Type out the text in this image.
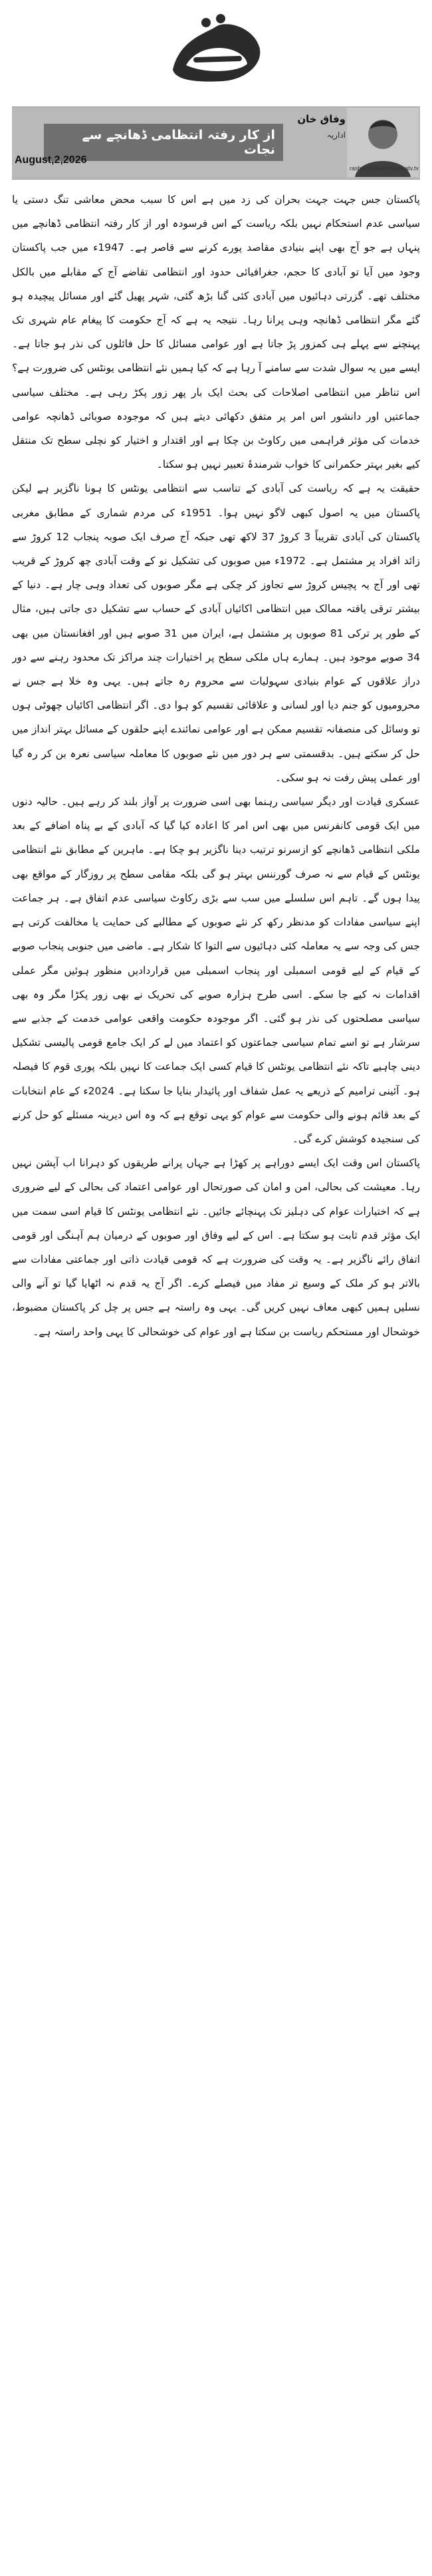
از کار رفتہ انتظامی ڈھانچے سے نجات
August,2,2026
وفاق خان
اداریہ
rasheed.khan@dunyatv.tv

پاکستان جس جہت جہت بحران کی زد میں ہے اس کا سبب محض معاشی تنگ دستی یا سیاسی عدم استحکام نہیں بلکہ ریاست کے اس فرسودہ اور از کار رفتہ انتظامی ڈھانچے میں پنہاں ہے جو آج بھی اپنے بنیادی مقاصد پورے کرنے سے قاصر ہے۔ 1947ء میں جب پاکستان وجود میں آیا تو آبادی کا حجم، جغرافیائی حدود اور انتظامی تقاضے آج کے مقابلے میں بالکل مختلف تھے۔ گزرتی دہائیوں میں آبادی کئی گنا بڑھ گئی، شہر پھیل گئے اور مسائل پیچیدہ ہو گئے مگر انتظامی ڈھانچہ وہی پرانا رہا۔ نتیجہ یہ ہے کہ آج حکومت کا پیغام عام شہری تک پہنچنے سے پہلے ہی کمزور پڑ جاتا ہے اور عوامی مسائل کا حل فائلوں کی نذر ہو جاتا ہے۔ ایسے میں یہ سوال شدت سے سامنے آ رہا ہے کہ کیا ہمیں نئے انتظامی یونٹس کی ضرورت ہے؟ اس تناظر میں انتظامی اصلاحات کی بحث ایک بار پھر زور پکڑ رہی ہے۔ مختلف سیاسی جماعتیں اور دانشور اس امر پر متفق دکھائی دیتے ہیں کہ موجودہ صوبائی ڈھانچہ عوامی خدمات کی مؤثر فراہمی میں رکاوٹ بن چکا ہے اور اقتدار و اختیار کو نچلی سطح تک منتقل کیے بغیر بہتر حکمرانی کا خواب شرمندۂ تعبیر نہیں ہو سکتا۔

حقیقت یہ ہے کہ ریاست کی آبادی کے تناسب سے انتظامی یونٹس کا ہونا ناگزیر ہے لیکن پاکستان میں یہ اصول کبھی لاگو نہیں ہوا۔ 1951ء کی مردم شماری کے مطابق مغربی پاکستان کی آبادی تقریباً 3 کروڑ 37 لاکھ تھی جبکہ آج صرف ایک صوبہ پنجاب 12 کروڑ سے زائد افراد پر مشتمل ہے۔ 1972ء میں صوبوں کی تشکیل نو کے وقت آبادی چھ کروڑ کے قریب تھی اور آج یہ پچیس کروڑ سے تجاوز کر چکی ہے مگر صوبوں کی تعداد وہی چار ہے۔ دنیا کے بیشتر ترقی یافتہ ممالک میں انتظامی اکائیاں آبادی کے حساب سے تشکیل دی جاتی ہیں، مثال کے طور پر ترکی 81 صوبوں پر مشتمل ہے، ایران میں 31 صوبے ہیں اور افغانستان میں بھی 34 صوبے موجود ہیں۔ ہمارے ہاں ملکی سطح پر اختیارات چند مراکز تک محدود رہنے سے دور دراز علاقوں کے عوام بنیادی سہولیات سے محروم رہ جاتے ہیں۔ یہی وہ خلا ہے جس نے محرومیوں کو جنم دیا اور لسانی و علاقائی تقسیم کو ہوا دی۔ اگر انتظامی اکائیاں چھوٹی ہوں تو وسائل کی منصفانہ تقسیم ممکن ہے اور عوامی نمائندے اپنے حلقوں کے مسائل بہتر انداز میں حل کر سکتے ہیں۔ بدقسمتی سے ہر دور میں نئے صوبوں کا معاملہ سیاسی نعرہ بن کر رہ گیا اور عملی پیش رفت نہ ہو سکی۔

عسکری قیادت اور دیگر سیاسی رہنما بھی اسی ضرورت پر آواز بلند کر رہے ہیں۔ حالیہ دنوں میں ایک قومی کانفرنس میں بھی اس امر کا اعادہ کیا گیا کہ آبادی کے بے پناہ اضافے کے بعد ملکی انتظامی ڈھانچے کو ازسرنو ترتیب دینا ناگزیر ہو چکا ہے۔ ماہرین کے مطابق نئے انتظامی یونٹس کے قیام سے نہ صرف گورننس بہتر ہو گی بلکہ مقامی سطح پر روزگار کے مواقع بھی پیدا ہوں گے۔ تاہم اس سلسلے میں سب سے بڑی رکاوٹ سیاسی عدم اتفاق ہے۔ ہر جماعت اپنے سیاسی مفادات کو مدنظر رکھ کر نئے صوبوں کے مطالبے کی حمایت یا مخالفت کرتی ہے جس کی وجہ سے یہ معاملہ کئی دہائیوں سے التوا کا شکار ہے۔ ماضی میں جنوبی پنجاب صوبے کے قیام کے لیے قومی اسمبلی اور پنجاب اسمبلی میں قراردادیں منظور ہوئیں مگر عملی اقدامات نہ کیے جا سکے۔ اسی طرح ہزارہ صوبے کی تحریک نے بھی زور پکڑا مگر وہ بھی سیاسی مصلحتوں کی نذر ہو گئی۔ اگر موجودہ حکومت واقعی عوامی خدمت کے جذبے سے سرشار ہے تو اسے تمام سیاسی جماعتوں کو اعتماد میں لے کر ایک جامع قومی پالیسی تشکیل دینی چاہیے تاکہ نئے انتظامی یونٹس کا قیام کسی ایک جماعت کا نہیں بلکہ پوری قوم کا فیصلہ ہو۔ آئینی ترامیم کے ذریعے یہ عمل شفاف اور پائیدار بنایا جا سکتا ہے۔ 2024ء کے عام انتخابات کے بعد قائم ہونے والی حکومت سے عوام کو یہی توقع ہے کہ وہ اس دیرینہ مسئلے کو حل کرنے کی سنجیدہ کوشش کرے گی۔

پاکستان اس وقت ایک ایسے دوراہے پر کھڑا ہے جہاں پرانے طریقوں کو دہرانا اب آپشن نہیں رہا۔ معیشت کی بحالی، امن و امان کی صورتحال اور عوامی اعتماد کی بحالی کے لیے ضروری ہے کہ اختیارات عوام کی دہلیز تک پہنچائے جائیں۔ نئے انتظامی یونٹس کا قیام اسی سمت میں ایک مؤثر قدم ثابت ہو سکتا ہے۔ اس کے لیے وفاق اور صوبوں کے درمیان ہم آہنگی اور قومی اتفاق رائے ناگزیر ہے۔ یہ وقت کی ضرورت ہے کہ قومی قیادت ذاتی اور جماعتی مفادات سے بالاتر ہو کر ملک کے وسیع تر مفاد میں فیصلے کرے۔ اگر آج یہ قدم نہ اٹھایا گیا تو آنے والی نسلیں ہمیں کبھی معاف نہیں کریں گی۔ یہی وہ راستہ ہے جس پر چل کر پاکستان مضبوط، خوشحال اور مستحکم ریاست بن سکتا ہے اور عوام کی خوشحالی کا یہی واحد راستہ ہے۔
